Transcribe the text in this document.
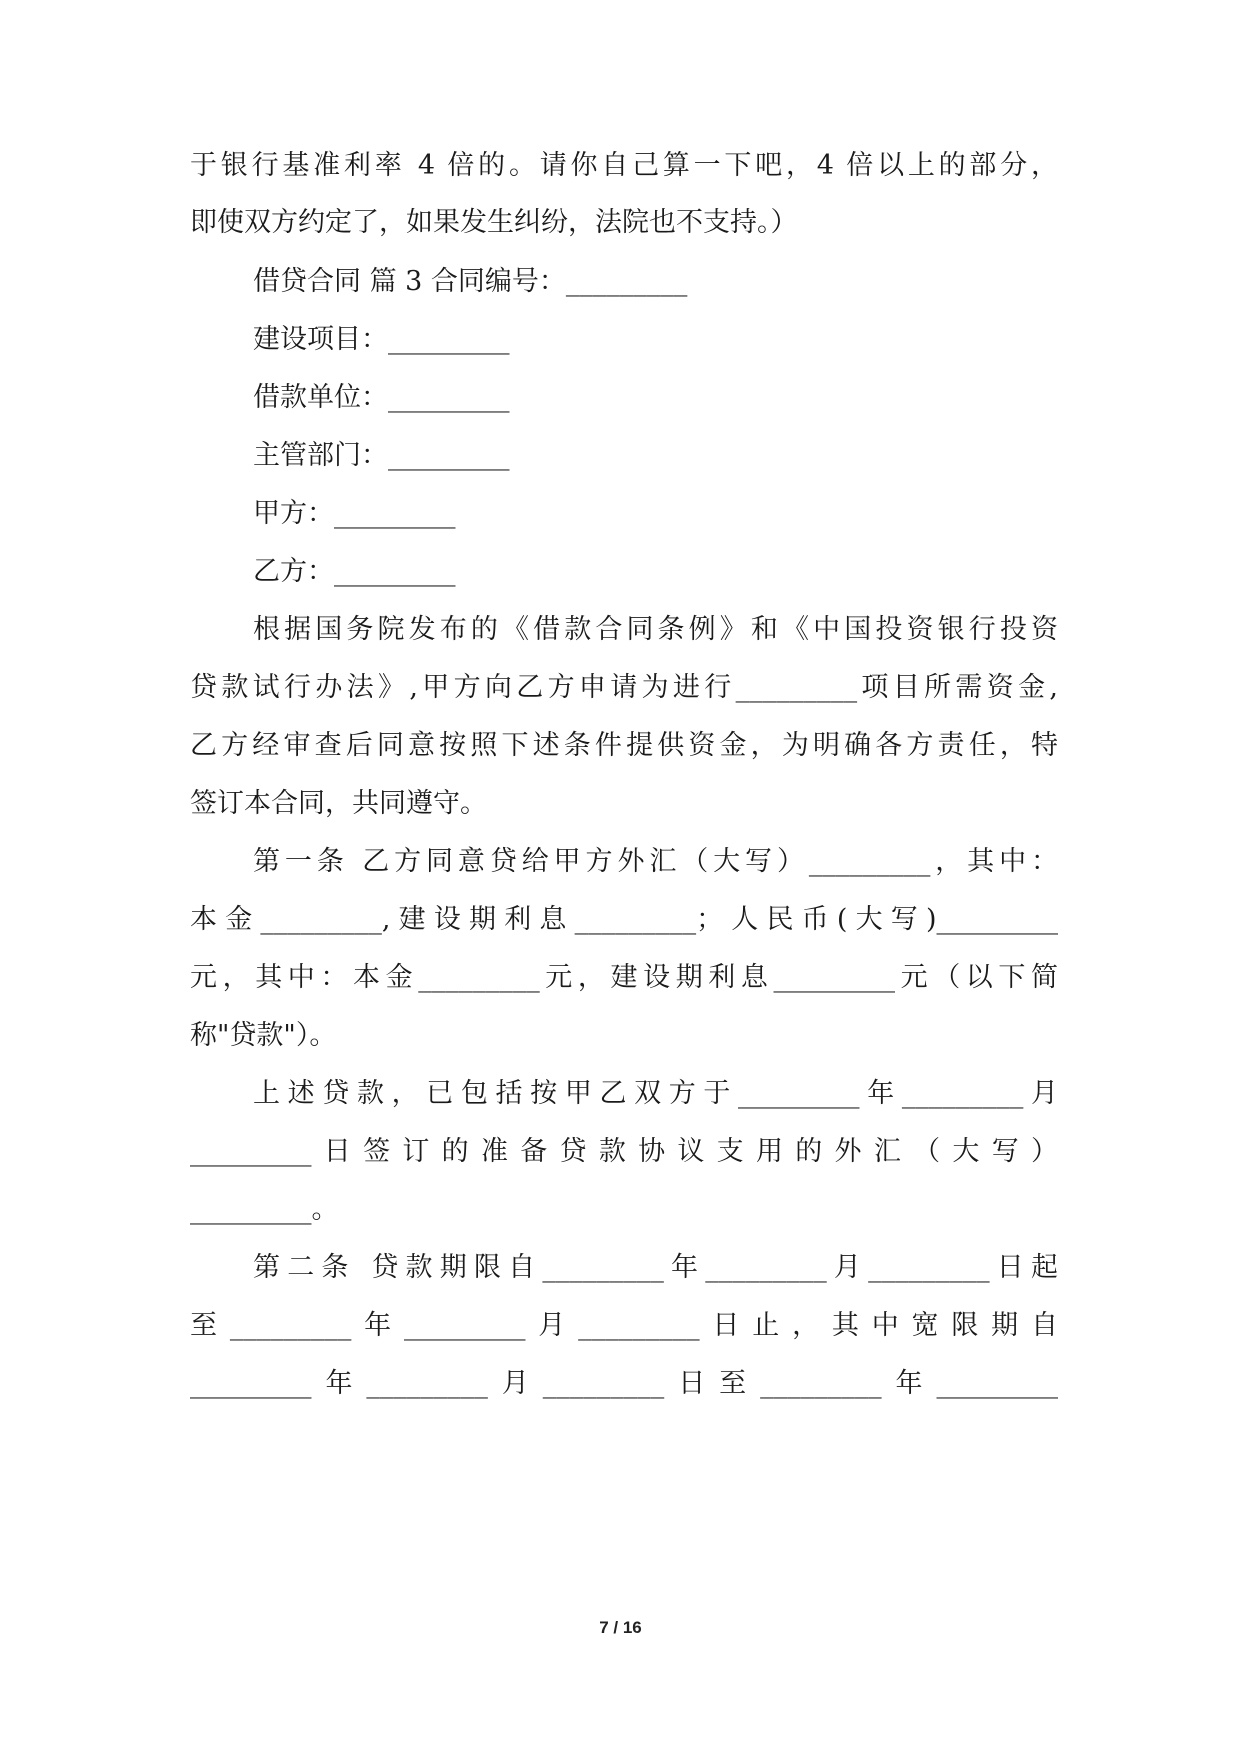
于银行基准利率 4 倍的。请你自己算一下吧，4 倍以上的部分，
即使双方约定了，如果发生纠纷，法院也不支持。）
借贷合同 篇 3 合同编号：_________
建设项目：_________
借款单位：_________
主管部门：_________
甲方：_________
乙方：_________
根据国务院发布的《借款合同条例》和《中国投资银行投资
贷款试行办法》,甲方向乙方申请为进行_________项目所需资金,
乙方经审查后同意按照下述条件提供资金，为明确各方责任，特
签订本合同，共同遵守。
第一条 乙方同意贷给甲方外汇（大写）_________，其中：
本金_________,建设期利息_________；人民币(大写)_________
元，其中：本金_________元，建设期利息_________元（以下简
称"贷款"）。
上述贷款，已包括按甲乙双方于_________年_________月
_________日签订的准备贷款协议支用的外汇（大写）
_________。
第二条 贷款期限自_________年_________月_________日起
至_________年_________月_________日止，其中宽限期自
_________年_________月_________日至_________年_________
7 / 16
